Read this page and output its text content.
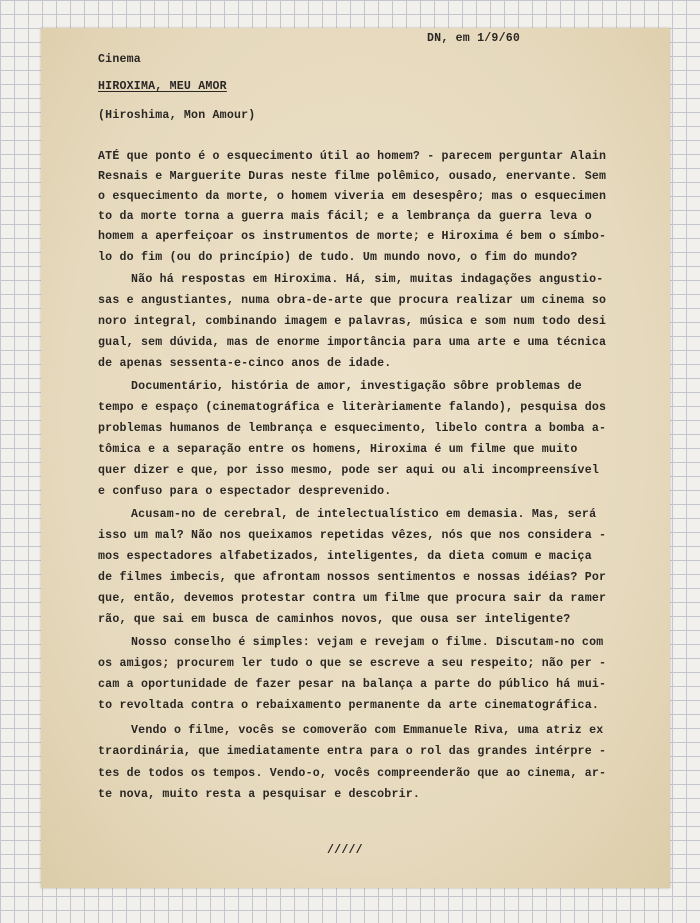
DN, em 1/9/60

Cinema

HIROXIMA, MEU AMOR

(Hiroshima, Mon Amour)

ATÉ que ponto é o esquecimento útil ao homem? - parecem perguntar Alain

Resnais e Marguerite Duras neste filme polêmico, ousado, enervante. Sem

o esquecimento da morte, o homem viveria em desespêro; mas o esquecimen

to da morte torna a guerra mais fácil; e a lembrança da guerra leva o

homem a aperfeiçoar os instrumentos de morte; e Hiroxima é bem o símbo-

lo do fim (ou do princípio) de tudo. Um mundo novo, o fim do mundo?

Não há respostas em Hiroxima. Há, sim, muitas indagações angustio-

sas e angustiantes, numa obra-de-arte que procura realizar um cinema so

noro integral, combinando imagem e palavras, música e som num todo desi

gual, sem dúvida, mas de enorme importância para uma arte e uma técnica

de apenas sessenta-e-cinco anos de idade.

Documentário, história de amor, investigação sôbre problemas de

tempo e espaço (cinematográfica e literàriamente falando), pesquisa dos

problemas humanos de lembrança e esquecimento, libelo contra a bomba a-

tômica e a separação entre os homens, Hiroxima é um filme que muito

quer dizer e que, por isso mesmo, pode ser aqui ou ali incompreensível

e confuso para o espectador desprevenido.

Acusam-no de cerebral, de intelectualístico em demasia. Mas, será

isso um mal? Não nos queixamos repetidas vêzes, nós que nos considera -

mos espectadores alfabetizados, inteligentes, da dieta comum e maciça

de filmes imbecis, que afrontam nossos sentimentos e nossas idéias? Por

que, então, devemos protestar contra um filme que procura sair da ramer

rão, que sai em busca de caminhos novos, que ousa ser inteligente?

Nosso conselho é simples: vejam e revejam o filme. Discutam-no com

os amigos; procurem ler tudo o que se escreve a seu respeito; não per -

cam a oportunidade de fazer pesar na balança a parte do público há mui-

to revoltada contra o rebaixamento permanente da arte cinematográfica.

Vendo o filme, vocês se comoverão com Emmanuele Riva, uma atriz ex

traordinária, que imediatamente entra para o rol das grandes intérpre -

tes de todos os tempos. Vendo-o, vocês compreenderão que ao cinema, ar-

te nova, muito resta a pesquisar e descobrir.

/////
